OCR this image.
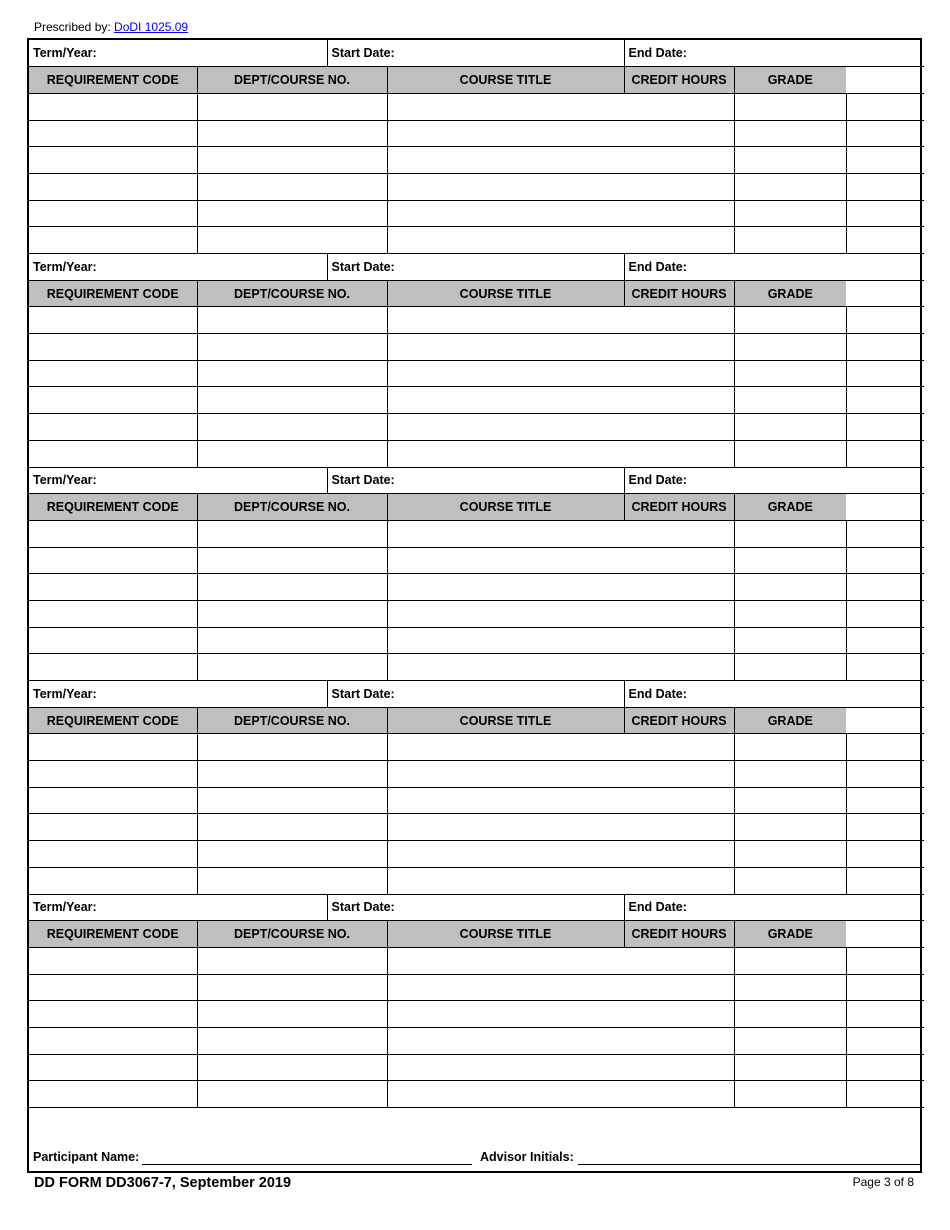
Prescribed by: DoDI 1025.09
Term/Year:		Start Date:		End Date:		
REQUIREMENT CODE	DEPT/COURSE NO.		COURSE TITLE	CREDIT HOURS	GRADE	

Term/Year:		Start Date:		End Date:		
REQUIREMENT CODE	DEPT/COURSE NO.		COURSE TITLE	CREDIT HOURS	GRADE	

Term/Year:		Start Date:		End Date:		
REQUIREMENT CODE	DEPT/COURSE NO.		COURSE TITLE	CREDIT HOURS	GRADE	

Term/Year:		Start Date:		End Date:		
REQUIREMENT CODE	DEPT/COURSE NO.		COURSE TITLE	CREDIT HOURS	GRADE	

Term/Year:		Start Date:		End Date:		
REQUIREMENT CODE	DEPT/COURSE NO.		COURSE TITLE	CREDIT HOURS	GRADE	

Participant Name:	Advisor Initials:
DD FORM DD3067-7, September 2019	Page 3 of 8
